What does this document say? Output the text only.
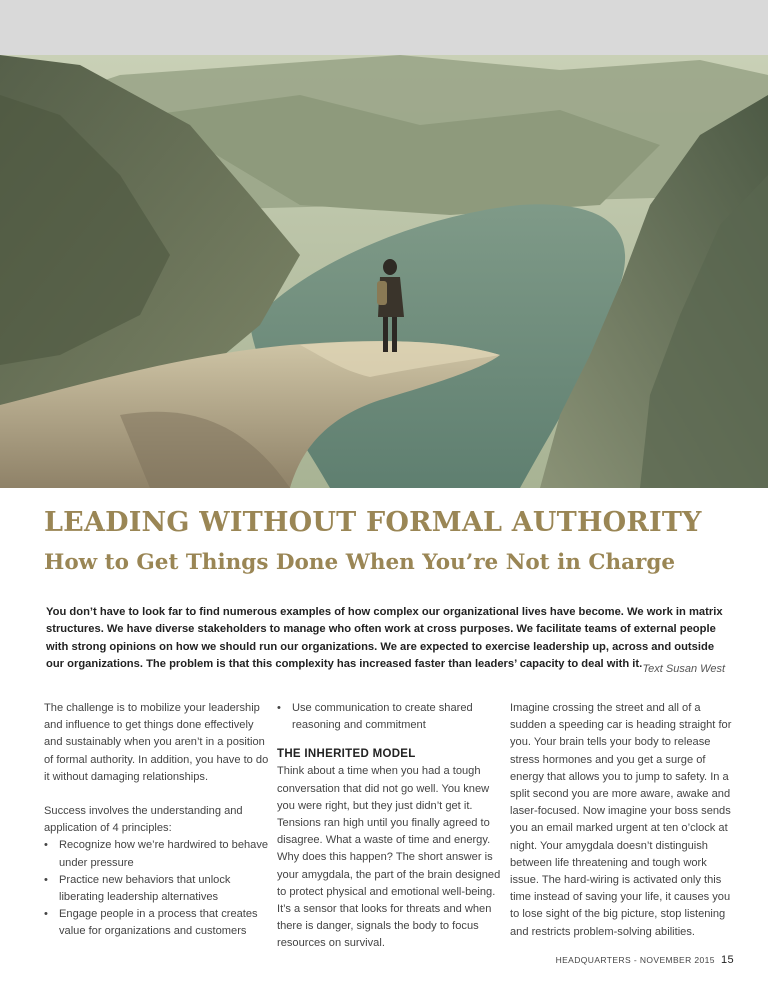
LEADING WITHOUT FORMAL AUTHORITY
How to Get Things Done When You’re Not in Charge

You don’t have to look far to find numerous examples of how complex our organizational lives have become. We work in matrix structures. We have diverse stakeholders to manage who often work at cross purposes. We facilitate teams of external people with strong opinions on how we should run our organizations. We are expected to exercise leadership up, across and outside our organizations. The problem is that this complexity has increased faster than leaders’ capacity to deal with it. Text Susan West

The challenge is to mobilize your leadership and influence to get things done effectively and sustainably when you aren’t in a position of formal authority. In addition, you have to do it without damaging relationships.

Success involves the understanding and application of 4 principles:

• Recognize how we’re hardwired to behave under pressure
• Practice new behaviors that unlock liberating leadership alternatives
• Engage people in a process that creates value for organizations and customers
• Use communication to create shared reasoning and commitment
THE INHERITED MODEL

Think about a time when you had a tough conversation that did not go well. You knew you were right, but they just didn’t get it. Tensions ran high until you finally agreed to disagree. What a waste of time and energy. Why does this happen? The short answer is your amygdala, the part of the brain designed to protect physical and emotional well-being. It’s a sensor that looks for threats and when there is danger, signals the body to focus resources on survival.

Imagine crossing the street and all of a sudden a speeding car is heading straight for you. Your brain tells your body to release stress hormones and you get a surge of energy that allows you to jump to safety. In a split second you are more aware, awake and laser-focused. Now imagine your boss sends you an email marked urgent at ten o’clock at night. Your amygdala doesn’t distinguish between life threatening and tough work issue. The hard-wiring is activated only this time instead of saving your life, it causes you to lose sight of the big picture, stop listening and restricts problem-solving abilities.

HEADQUARTERS - NOVEMBER 2015 15
